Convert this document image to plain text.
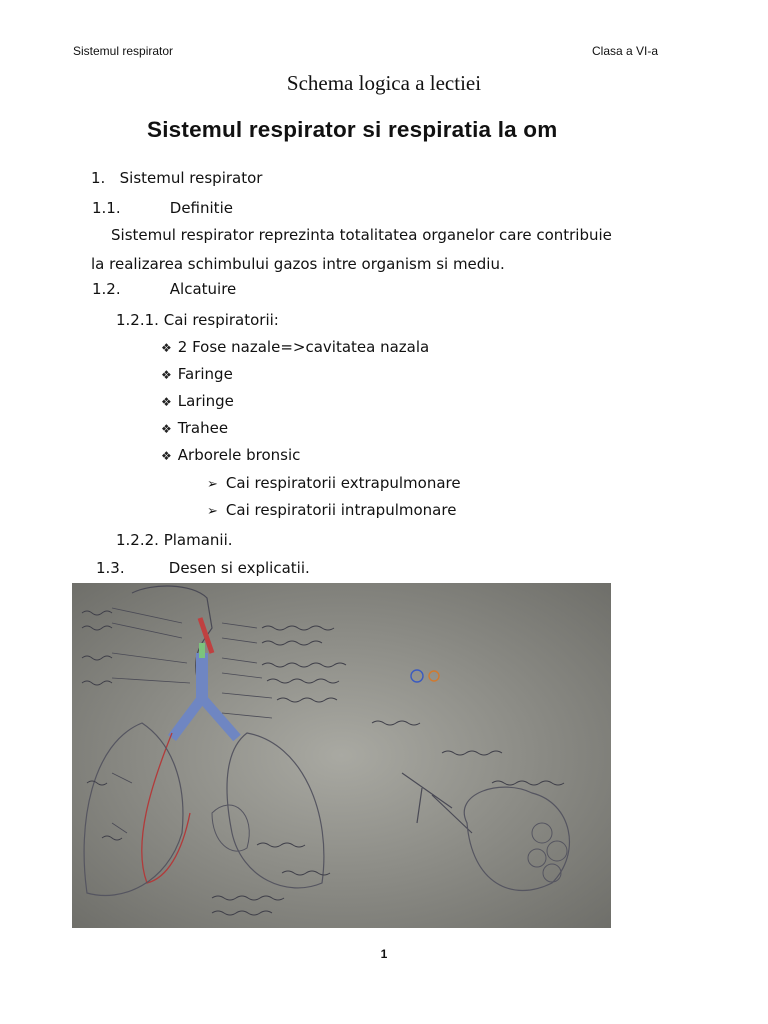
Sistemul respirator	Clasa a VI-a
Schema logica a lectiei
Sistemul respirator si respiratia la om
1. Sistemul respirator
1.1.	Definitie
Sistemul respirator reprezinta totalitatea organelor care contribuie
la realizarea schimbului gazos intre organism si mediu.
1.2.	Alcatuire
1.2.1. Cai respiratorii:
❖ 2 Fose nazale=>cavitatea nazala
❖ Faringe
❖ Laringe
❖ Trahee
❖ Arborele bronsic
➢ Cai respiratorii extrapulmonare
➢ Cai respiratorii intrapulmonare
1.2.2. Plamanii.
1.3.	Desen si explicatii.
1
